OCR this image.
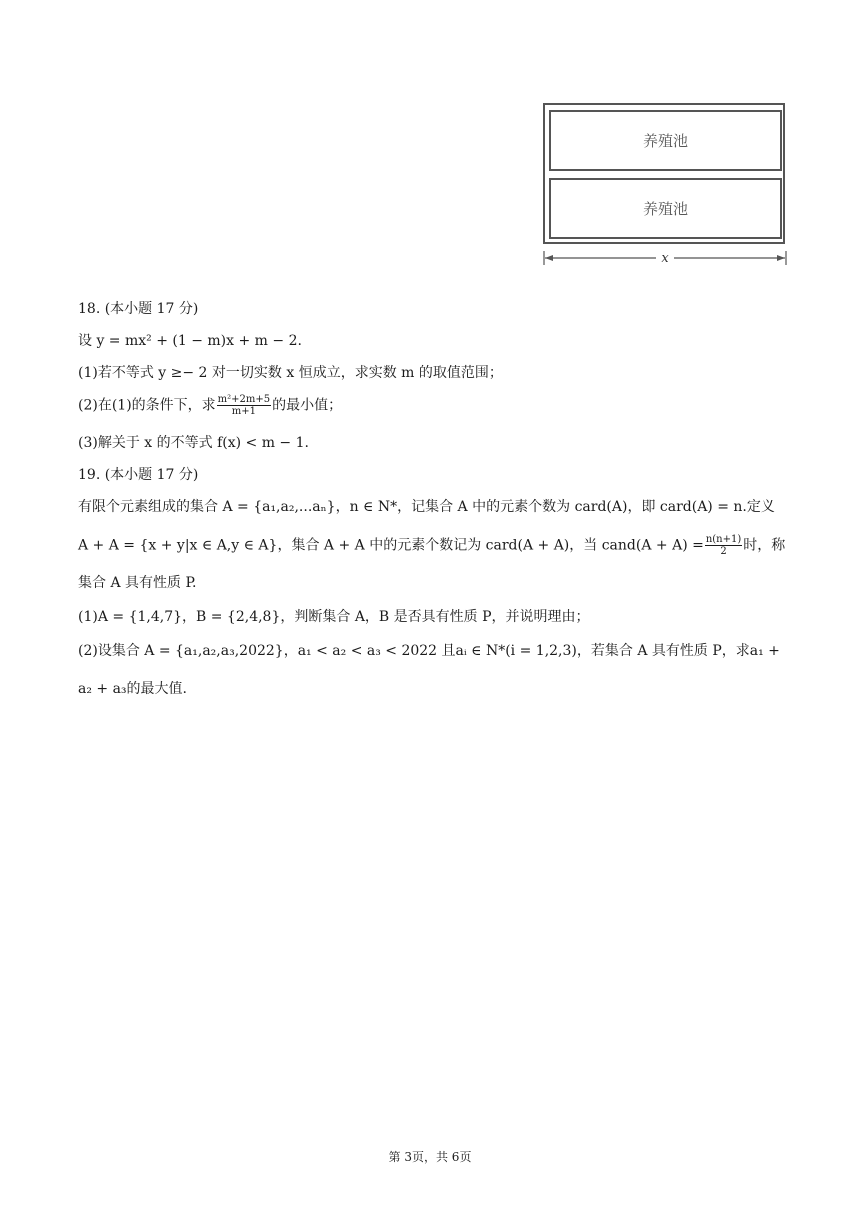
养殖池
养殖池
x
18. (本小题 17 分)
设 y = mx² + (1 − m)x + m − 2.
(1)若不等式 y ≥− 2 对一切实数 x 恒成立，求实数 m 的取值范围；
(2)在(1)的条件下，求 $\frac{\text{m²+2m+5}}{m+1}$ 的最小值；
(3)解关于 x 的不等式 f(x) < m − 1.
19. (本小题 17 分)
有限个元素组成的集合 A = {a₁,a₂,...aₙ}，n ∈ N*，记集合 A 中的元素个数为 card(A)，即 card(A) = n.定义
A + A = {x + y|x ∈ A,y ∈ A}，集合 A + A 中的元素个数记为 card(A + A)，当 cand(A + $A) = \frac{n(n+1)}{2}$ 时，称
集合 A 具有性质 P.
(1)A = {1,4,7}，B = {2,4,8}，判断集合 A，B 是否具有性质 P，并说明理由；
(2)设集合 A = {a₁,a₂,a₃,2022}，a₁ < a₂ < a₃ < 2022 且aᵢ ∈ N*(i = 1,2,3)，若集合 A 具有性质 P，求a₁ +
a₂ + a₃的最大值.
第 3页，共 6页
